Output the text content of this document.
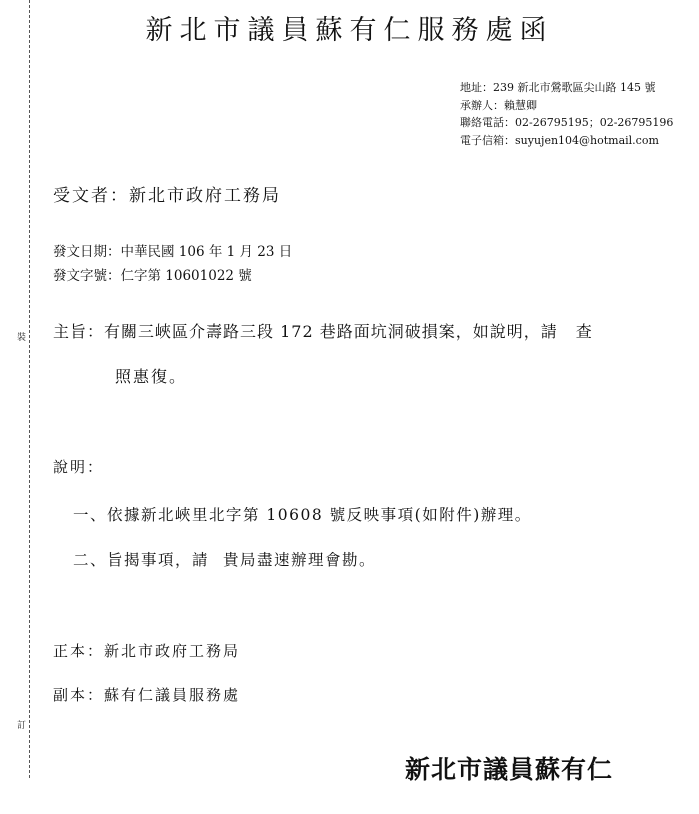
裝
訂
新北市議員蘇有仁服務處函
地址：239 新北市鶯歌區尖山路 145 號
承辦人：賴慧卿
聯絡電話：02-26795195；02-26795196
電子信箱：suyujen104@hotmail.com
受文者：新北市政府工務局
發文日期：中華民國 106 年 1 月 23 日
發文字號：仁字第 10601022 號
主旨：有關三峽區介壽路三段 172 巷路面坑洞破損案，如說明，請 查
照惠復。
說明：
一、依據新北峽里北字第 10608 號反映事項(如附件)辦理。
二、旨揭事項，請 貴局盡速辦理會勘。
正本：新北市政府工務局
副本：蘇有仁議員服務處
新北市議員蘇有仁
